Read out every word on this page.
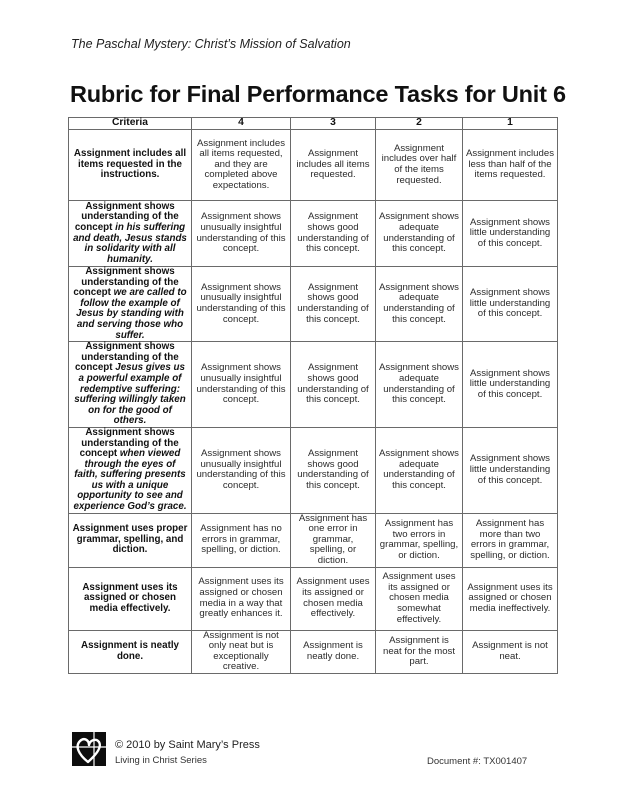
The Paschal Mystery: Christ’s Mission of Salvation
Rubric for Final Performance Tasks for Unit 6
Criteria	4	3	2	1
Assignment includes all items requested in the instructions.	Assignment includes all items requested, and they are completed above expectations.	Assignment includes all items requested.	Assignment includes over half of the items requested.	Assignment includes less than half of the items requested.
Assignment shows understanding of the concept in his suffering and death, Jesus stands in solidarity with all humanity.	Assignment shows unusually insightful understanding of this concept.	Assignment shows good understanding of this concept.	Assignment shows adequate understanding of this concept.	Assignment shows little understanding of this concept.
Assignment shows understanding of the concept we are called to follow the example of Jesus by standing with and serving those who suffer.	Assignment shows unusually insightful understanding of this concept.	Assignment shows good understanding of this concept.	Assignment shows adequate understanding of this concept.	Assignment shows little understanding of this concept.
Assignment shows understanding of the concept Jesus gives us a powerful example of redemptive suffering: suffering willingly taken on for the good of others.	Assignment shows unusually insightful understanding of this concept.	Assignment shows good understanding of this concept.	Assignment shows adequate understanding of this concept.	Assignment shows little understanding of this concept.
Assignment shows understanding of the concept when viewed through the eyes of faith, suffering presents us with a unique opportunity to see and experience God’s grace.	Assignment shows unusually insightful understanding of this concept.	Assignment shows good understanding of this concept.	Assignment shows adequate understanding of this concept.	Assignment shows little understanding of this concept.
Assignment uses proper grammar, spelling, and diction.	Assignment has no errors in grammar, spelling, or diction.	Assignment has one error in grammar, spelling, or diction.	Assignment has two errors in grammar, spelling, or diction.	Assignment has more than two errors in grammar, spelling, or diction.
Assignment uses its assigned or chosen media effectively.	Assignment uses its assigned or chosen media in a way that greatly enhances it.	Assignment uses its assigned or chosen media effectively.	Assignment uses its assigned or chosen media somewhat effectively.	Assignment uses its assigned or chosen media ineffectively.
Assignment is neatly done.	Assignment is not only neat but is exceptionally creative.	Assignment is neatly done.	Assignment is neat for the most part.	Assignment is not neat.
© 2010 by Saint Mary’s Press
Living in Christ Series	Document #: TX001407
